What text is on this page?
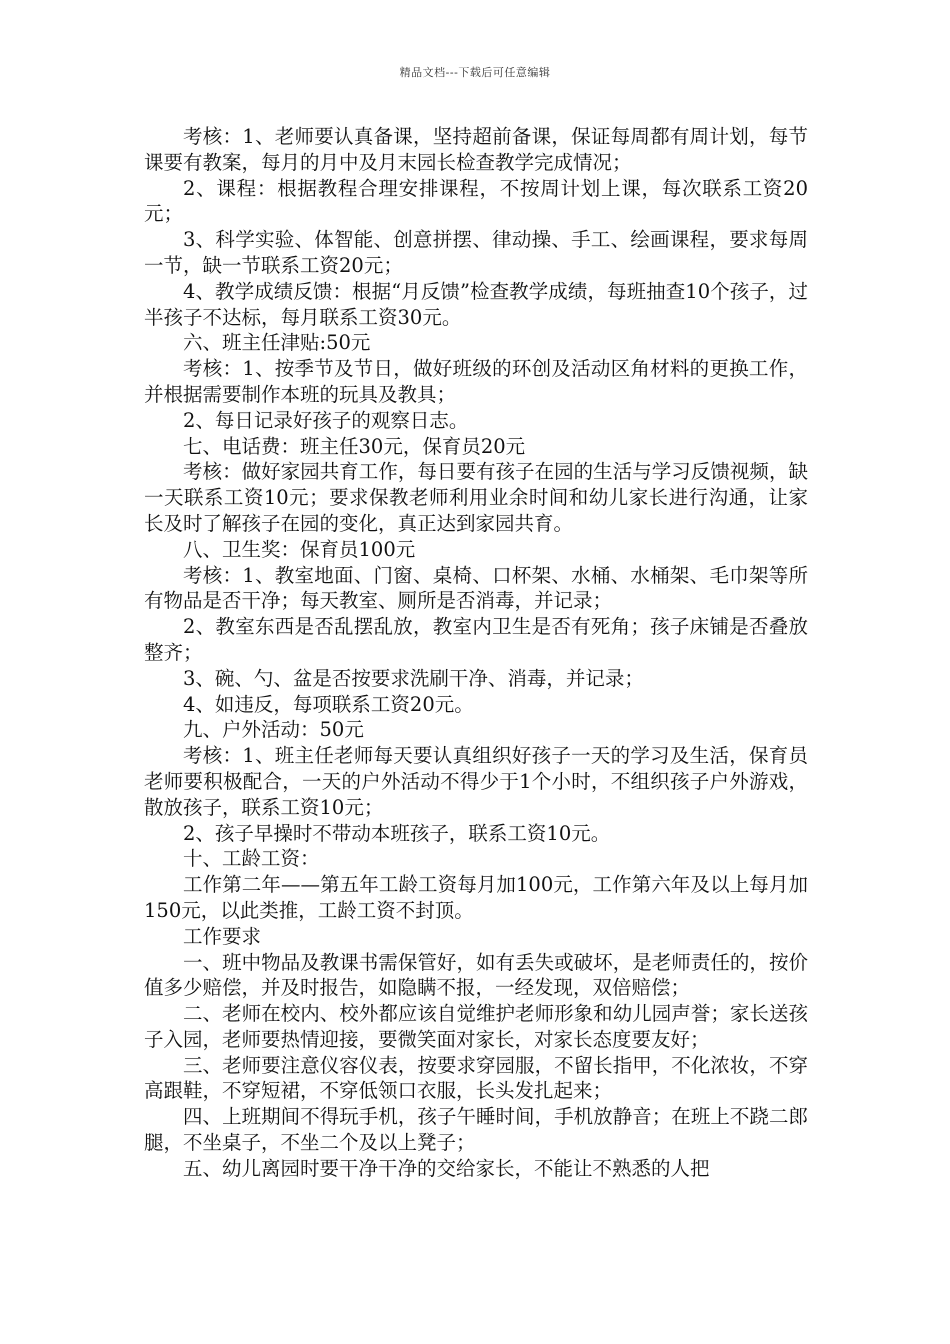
精品文档---下载后可任意编辑

考核：1、老师要认真备课，坚持超前备课，保证每周都有周计划，每节课要有教案，每月的月中及月末园长检查教学完成情况；

2、课程：根据教程合理安排课程，不按周计划上课，每次联系工资20元；

3、科学实验、体智能、创意拼摆、律动操、手工、绘画课程，要求每周一节，缺一节联系工资20元；

4、教学成绩反馈：根据“月反馈”检查教学成绩，每班抽查10个孩子，过半孩子不达标，每月联系工资30元。

六、班主任津贴:50元

考核：1、按季节及节日，做好班级的环创及活动区角材料的更换工作，并根据需要制作本班的玩具及教具；

2、每日记录好孩子的观察日志。

七、电话费：班主任30元，保育员20元

考核：做好家园共育工作，每日要有孩子在园的生活与学习反馈视频，缺一天联系工资10元；要求保教老师利用业余时间和幼儿家长进行沟通，让家长及时了解孩子在园的变化，真正达到家园共育。

八、卫生奖：保育员100元

考核：1、教室地面、门窗、桌椅、口杯架、水桶、水桶架、毛巾架等所有物品是否干净；每天教室、厕所是否消毒，并记录；

2、教室东西是否乱摆乱放，教室内卫生是否有死角；孩子床铺是否叠放整齐；

3、碗、勺、盆是否按要求洗刷干净、消毒，并记录；

4、如违反，每项联系工资20元。

九、户外活动：50元

考核：1、班主任老师每天要认真组织好孩子一天的学习及生活，保育员老师要积极配合，一天的户外活动不得少于1个小时，不组织孩子户外游戏，散放孩子，联系工资10元；

2、孩子早操时不带动本班孩子，联系工资10元。

十、工龄工资：

工作第二年——第五年工龄工资每月加100元，工作第六年及以上每月加150元，以此类推，工龄工资不封顶。

工作要求

一、班中物品及教课书需保管好，如有丢失或破坏，是老师责任的，按价值多少赔偿，并及时报告，如隐瞒不报，一经发现，双倍赔偿；

二、老师在校内、校外都应该自觉维护老师形象和幼儿园声誉；家长送孩子入园，老师要热情迎接，要微笑面对家长，对家长态度要友好；

三、老师要注意仪容仪表，按要求穿园服，不留长指甲，不化浓妆，不穿高跟鞋，不穿短裙，不穿低领口衣服，长头发扎起来；

四、上班期间不得玩手机，孩子午睡时间，手机放静音；在班上不跷二郎腿，不坐桌子，不坐二个及以上凳子；

五、幼儿离园时要干净干净的交给家长，不能让不熟悉的人把
